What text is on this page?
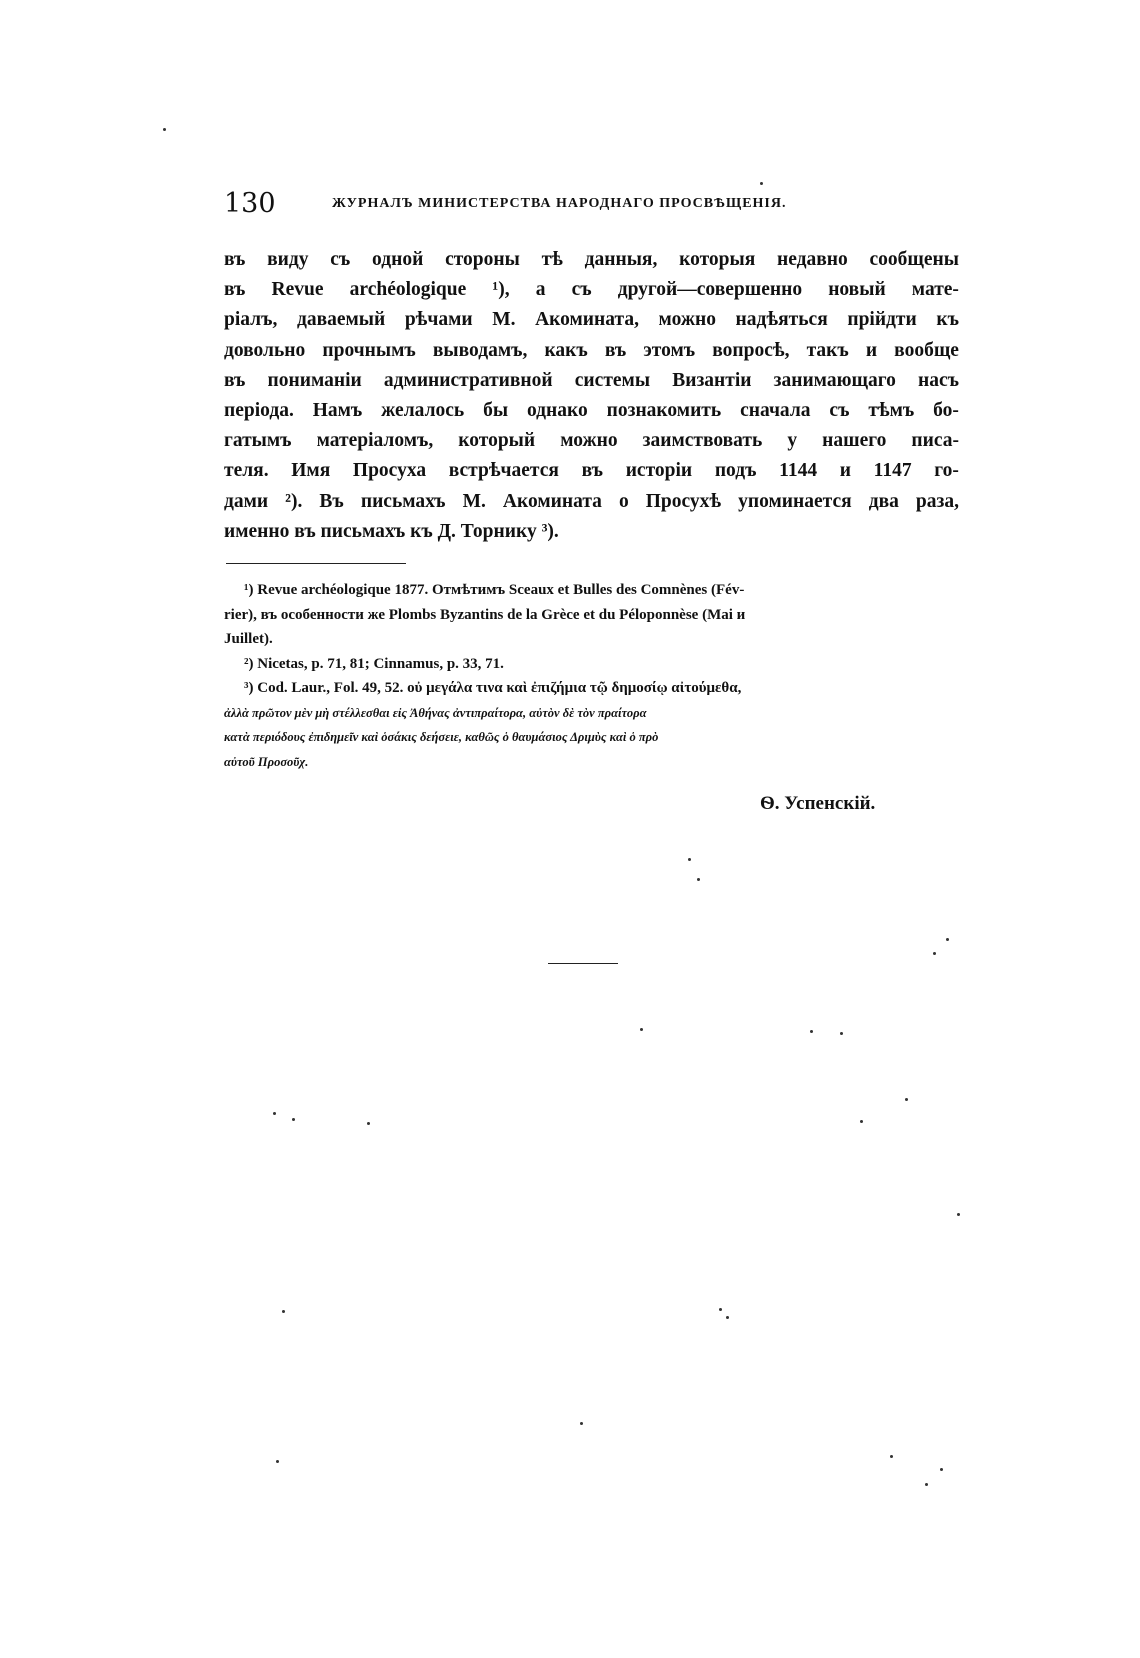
130	ЖУРНАЛЪ МИНИСТЕРСТВА НАРОДНАГО ПРОСВѢЩЕНІЯ.
въ виду съ одной стороны тѣ данныя, которыя недавно сообщены
въ Revue archéologique ¹), а съ другой—совершенно новый мате-
ріалъ, даваемый рѣчами М. Акомината, можно надѣяться прійдти къ
довольно прочнымъ выводамъ, какъ въ этомъ вопросѣ, такъ и вообще
въ пониманіи административной системы Византіи занимающаго насъ
періода. Намъ желалось бы однако познакомить сначала съ тѣмъ бо-
гатымъ матеріаломъ, который можно заимствовать у нашего писа-
теля. Имя Просуха встрѣчается въ исторіи подъ 1144 и 1147 го-
дами ²). Въ письмахъ М. Акомината о Просухѣ упоминается два раза,
именно въ письмахъ къ Д. Торнику ³).
¹) Revue archéologique 1877. Отмѣтимъ Sceaux et Bulles des Comnènes (Fév-
rier), въ особенности же Plombs Byzantins de la Grèce et du Péloponnèse (Mai и
Juillet).
²) Nicetas, p. 71, 81; Cinnamus, p. 33, 71.
³) Cod. Laur., Fol. 49, 52. οὐ μεγάλα τινα καὶ ἐπιζήμια τῷ δημοσίῳ αἰτούμεθα,
ἀλλὰ πρῶτον μὲν μὴ στέλλεσθαι εἰς Ἀθήνας ἀντιπραίτορα, αὐτὸν δὲ τὸν πραίτορα
κατὰ περιόδους ἐπιδημεῖν καὶ ὁσάκις δεήσειε, καθῶς ὁ θαυμάσιος Δριμὺς καὶ ὁ πρὸ
αὐτοῦ Προσοῦχ.
Ѳ. Успенскій.
